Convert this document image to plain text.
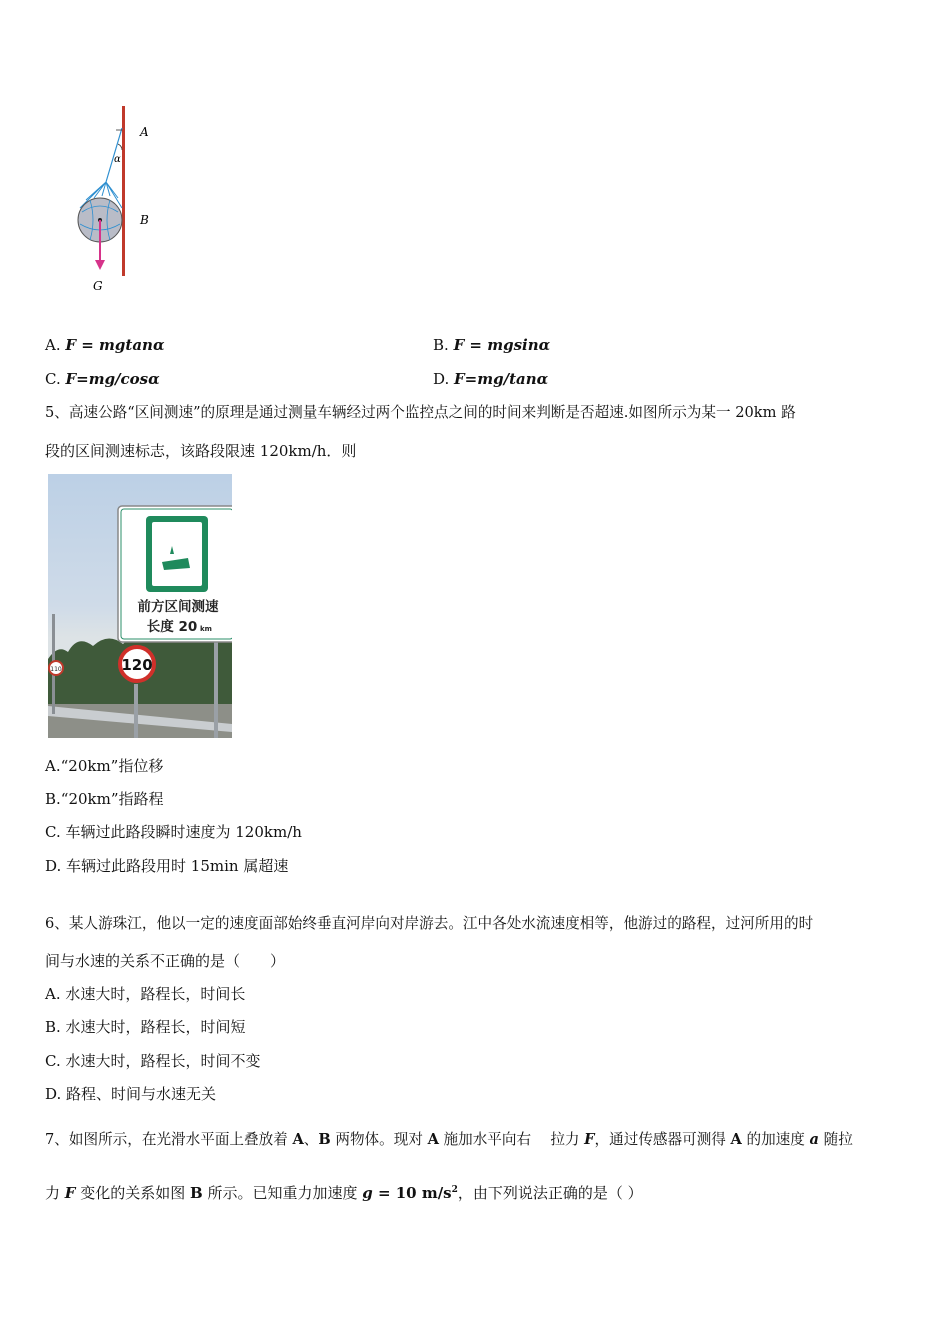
A
α
B
G
A. F = mgtanα	B. F = mgsinα
C. F=mg/cosα	D. F=mg/tanα
5、高速公路“区间测速”的原理是通过测量车辆经过两个监控点之间的时间来判断是否超速.如图所示为某一 20km 路
段的区间测速标志，该路段限速 120km/h．则
110
前方区间测速
长度 20 km
120
A.“20km”指位移
B.“20km”指路程
C. 车辆过此路段瞬时速度为 120km/h
D. 车辆过此路段用时 15min 属超速
6、某人游珠江，他以一定的速度面部始终垂直河岸向对岸游去。江中各处水流速度相等，他游过的路程，过河所用的时
间与水速的关系不正确的是（　　）
A. 水速大时，路程长，时间长
B. 水速大时，路程长，时间短
C. 水速大时，路程长，时间不变
D. 路程、时间与水速无关
7、如图所示，在光滑水平面上叠放着 A、B 两物体。现对 A 施加水平向右　 拉力 F，通过传感器可测得 A 的加速度 a 随拉
力 F 变化的关系如图 B 所示。已知重力加速度 g = 10 $m/s^2$，由下列说法正确的是（ ）
